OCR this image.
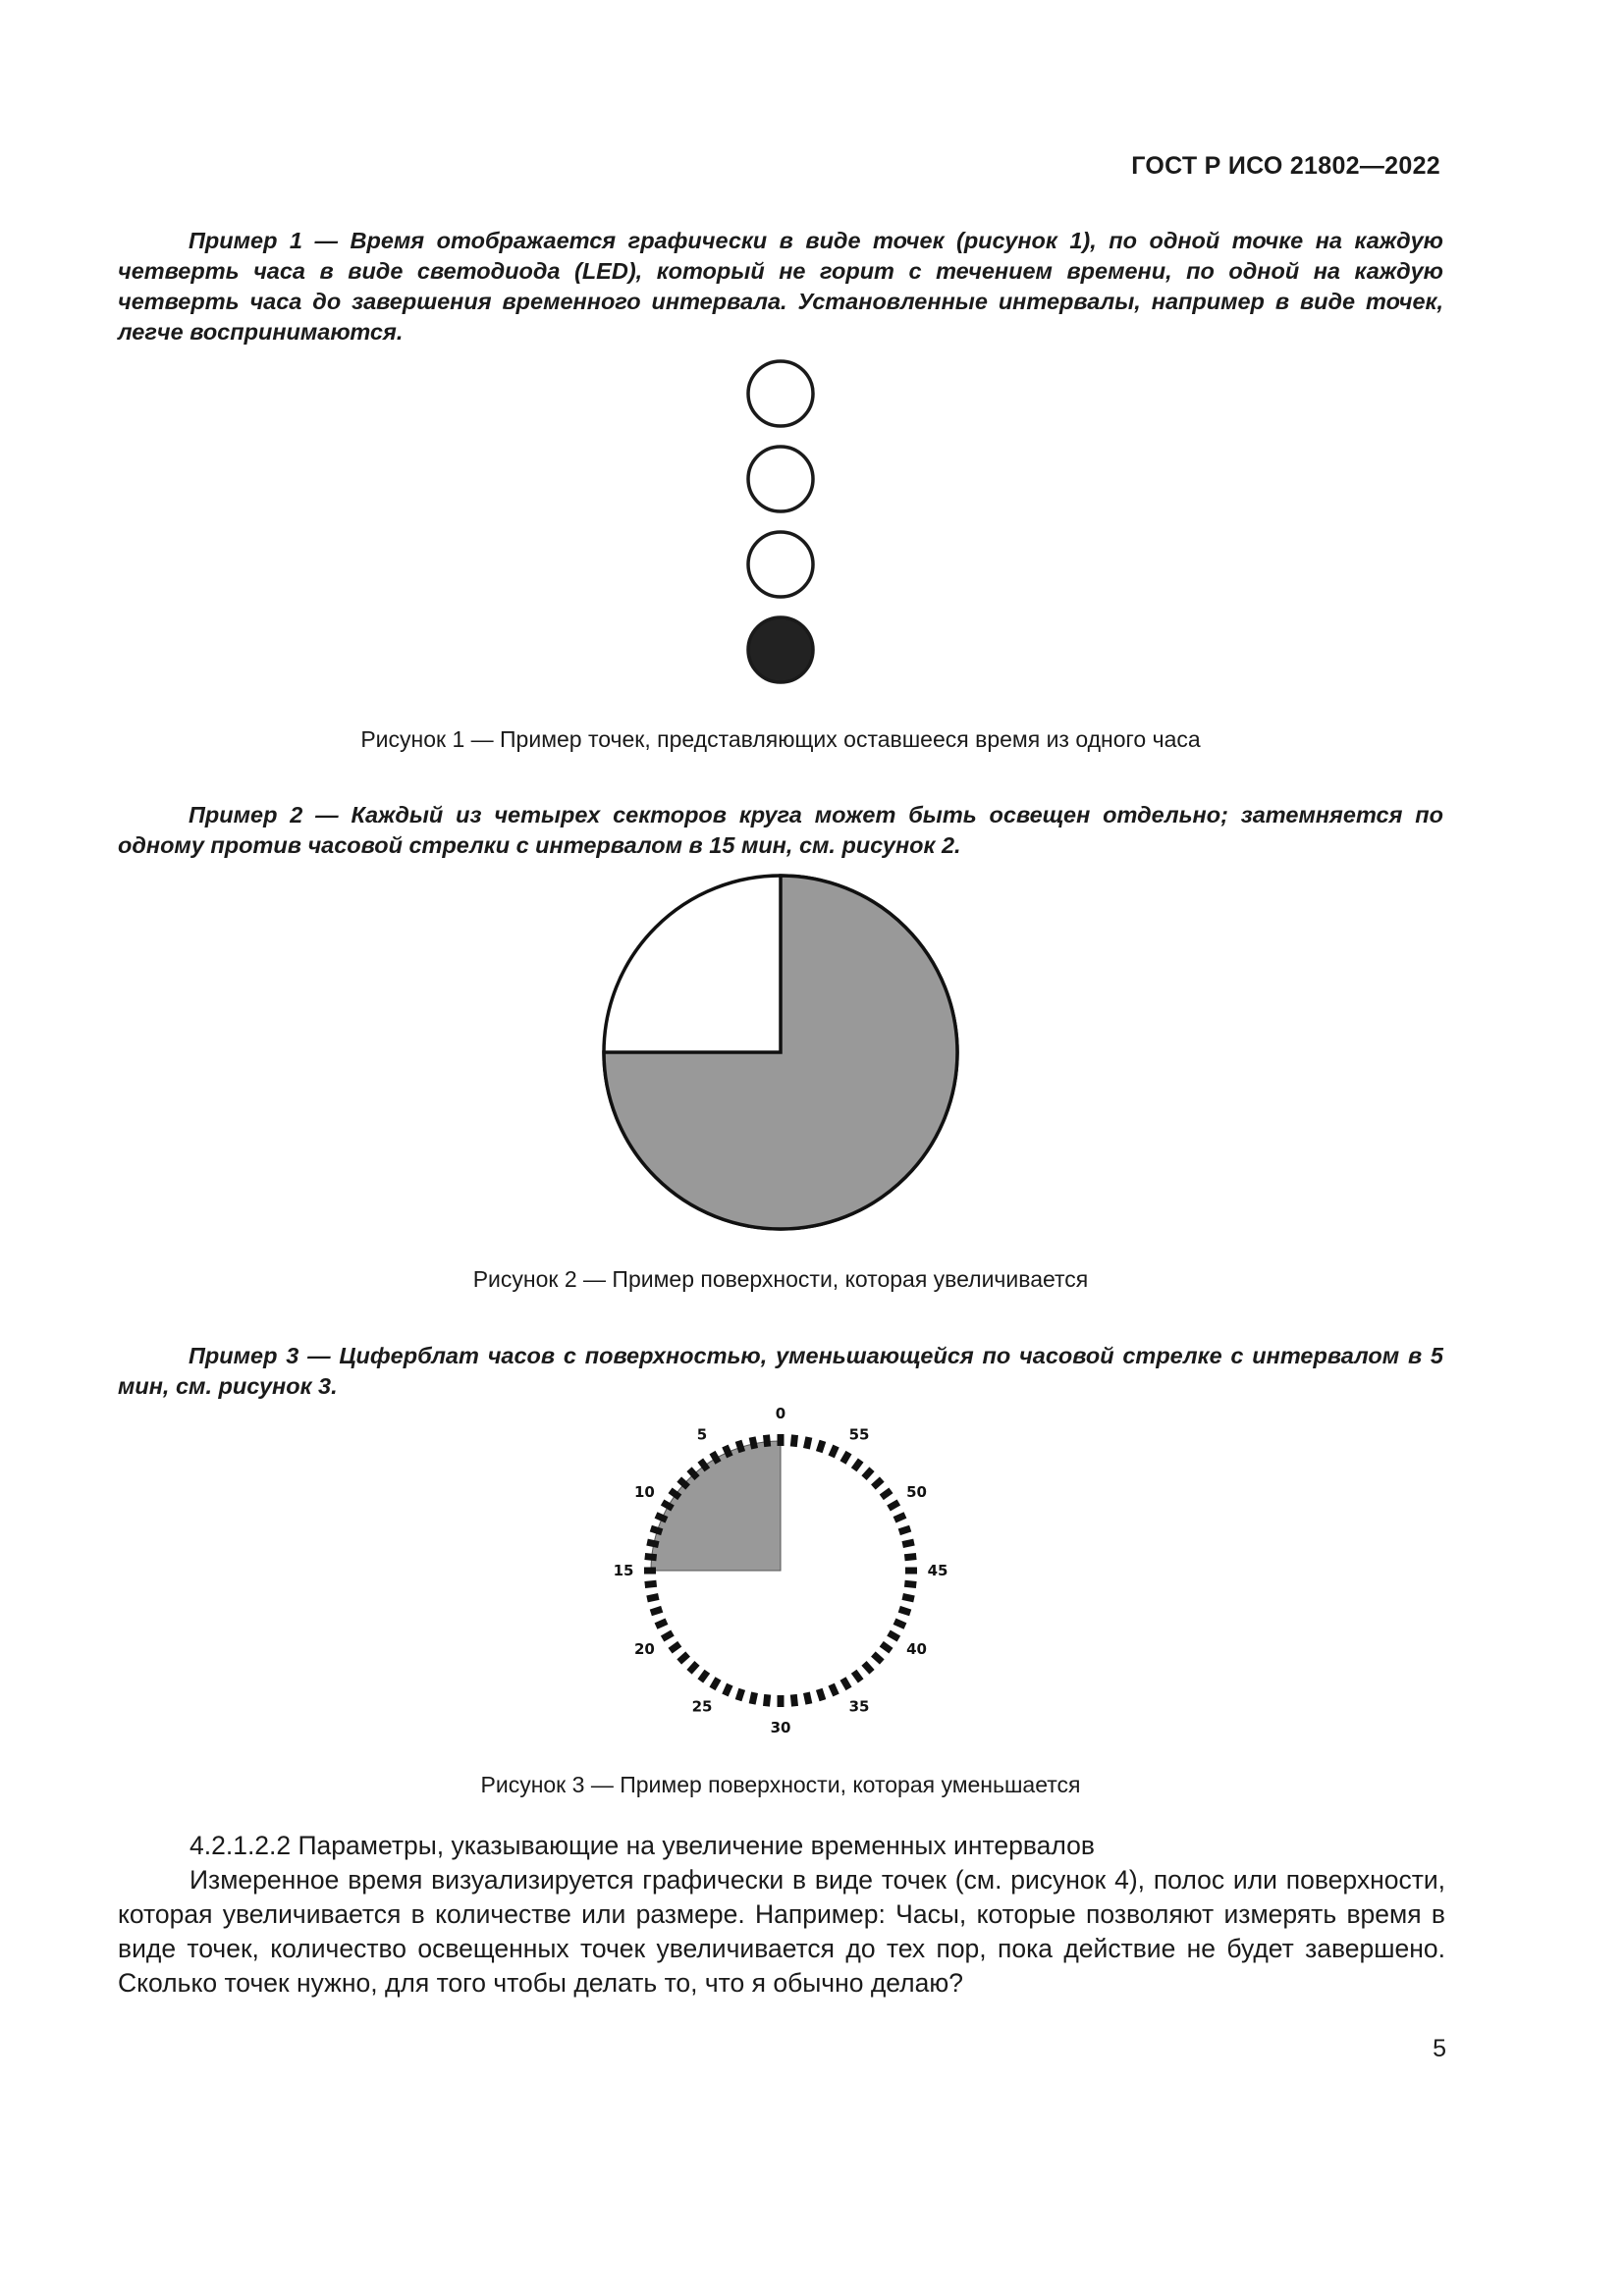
ГОСТ Р ИСО 21802—2022

Пример 1 — Время отображается графически в виде точек (рисунок 1), по одной точке на каждую четверть часа в виде светодиода (LED), который не горит с течением времени, по одной на каждую четверть часа до завершения временного интервала. Установленные интервалы, например в виде точек, легче воспринимаются.

Рисунок 1 — Пример точек, представляющих оставшееся время из одного часа

Пример 2 — Каждый из четырех секторов круга может быть освещен отдельно; затемняется по одному против часовой стрелки с интервалом в 15 мин, см. рисунок 2.

Рисунок 2 — Пример поверхности, которая увеличивается

Пример 3 — Циферблат часов с поверхностью, уменьшающейся по часовой стрелке с интервалом в 5 мин, см. рисунок 3.

0
55
50
45
40
35
30
25
20
15
10
5
Рисунок 3 — Пример поверхности, которая уменьшается

4.2.1.2.2 Параметры, указывающие на увеличение временных интервалов

Измеренное время визуализируется графически в виде точек (см. рисунок 4), полос или поверхности, которая увеличивается в количестве или размере. Например: Часы, которые позволяют измерять время в виде точек, количество освещенных точек увеличивается до тех пор, пока действие не будет завершено. Сколько точек нужно, для того чтобы делать то, что я обычно делаю?

5
